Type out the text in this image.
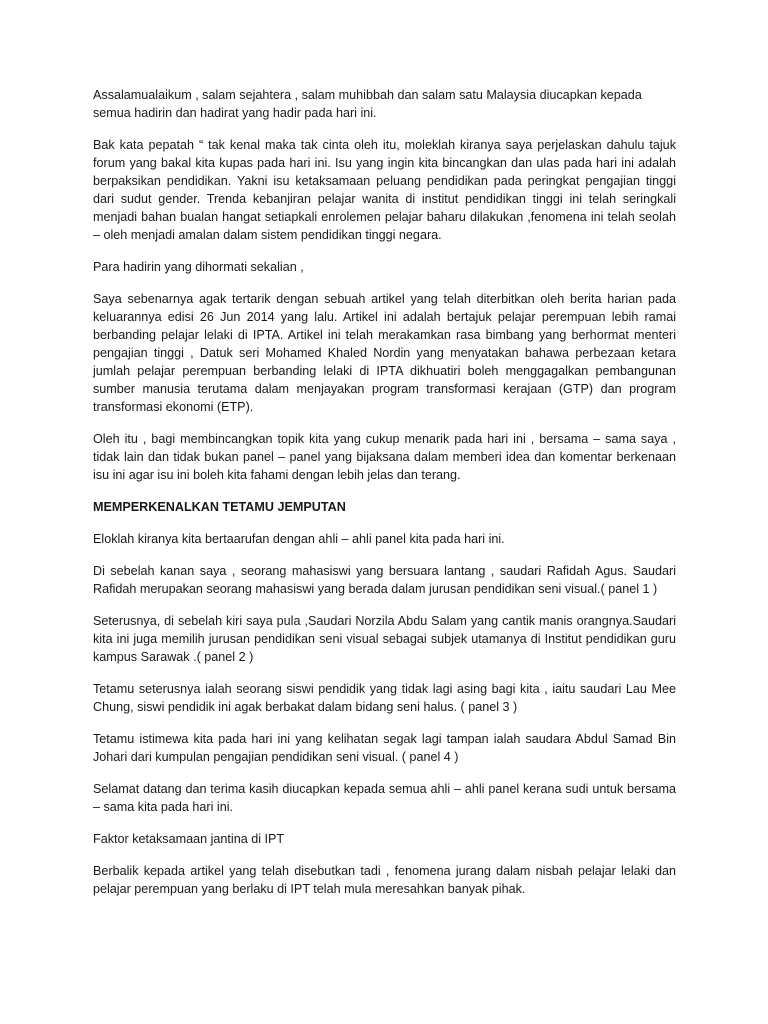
Assalamualaikum , salam sejahtera , salam muhibbah dan salam satu Malaysia diucapkan kepada semua hadirin dan hadirat yang hadir pada hari ini.

Bak kata pepatah “ tak kenal maka tak cinta oleh itu, moleklah kiranya saya perjelaskan dahulu tajuk forum yang bakal kita kupas pada hari ini. Isu yang ingin kita bincangkan dan ulas pada hari ini adalah berpaksikan pendidikan. Yakni isu ketaksamaan peluang pendidikan pada peringkat pengajian tinggi dari sudut gender. Trenda kebanjiran pelajar wanita di institut pendidikan tinggi ini telah seringkali menjadi bahan bualan hangat setiapkali enrolemen pelajar baharu dilakukan ,fenomena ini telah seolah – oleh menjadi amalan dalam sistem pendidikan tinggi negara.

Para hadirin yang dihormati sekalian ,

Saya sebenarnya agak tertarik dengan sebuah artikel yang telah diterbitkan oleh berita harian pada keluarannya edisi 26 Jun 2014 yang lalu. Artikel ini adalah bertajuk pelajar perempuan lebih ramai berbanding pelajar lelaki di IPTA. Artikel ini telah merakamkan rasa bimbang yang berhormat menteri pengajian tinggi , Datuk seri Mohamed Khaled Nordin yang menyatakan bahawa perbezaan ketara jumlah pelajar perempuan berbanding lelaki di IPTA dikhuatiri boleh menggagalkan pembangunan sumber manusia terutama dalam menjayakan program transformasi kerajaan (GTP) dan program transformasi ekonomi (ETP).

Oleh itu , bagi membincangkan topik kita yang cukup menarik pada hari ini , bersama – sama saya , tidak lain dan tidak bukan panel – panel yang bijaksana dalam memberi idea dan komentar berkenaan isu ini agar isu ini boleh kita fahami dengan lebih jelas dan terang.

MEMPERKENALKAN TETAMU JEMPUTAN

Eloklah kiranya kita bertaarufan dengan ahli – ahli panel kita pada hari ini.

Di sebelah kanan saya , seorang mahasiswi yang bersuara lantang , saudari Rafidah Agus. Saudari Rafidah merupakan seorang mahasiswi yang berada dalam jurusan pendidikan seni visual.( panel 1 )

Seterusnya, di sebelah kiri saya pula ,Saudari Norzila Abdu Salam yang cantik manis orangnya.Saudari kita ini juga memilih jurusan pendidikan seni visual sebagai subjek utamanya di Institut pendidikan guru kampus Sarawak .( panel 2 )

Tetamu seterusnya ialah seorang siswi pendidik yang tidak lagi asing bagi kita , iaitu saudari Lau Mee Chung, siswi pendidik ini agak berbakat dalam bidang seni halus. ( panel 3 )

Tetamu istimewa kita pada hari ini yang kelihatan segak lagi tampan ialah saudara Abdul Samad Bin Johari dari kumpulan pengajian pendidikan seni visual. ( panel 4 )

Selamat datang dan terima kasih diucapkan kepada semua ahli – ahli panel kerana sudi untuk bersama – sama kita pada hari ini.

Faktor ketaksamaan jantina di IPT

Berbalik kepada artikel yang telah disebutkan tadi , fenomena jurang dalam nisbah pelajar lelaki dan pelajar perempuan yang berlaku di IPT telah mula meresahkan banyak pihak.
